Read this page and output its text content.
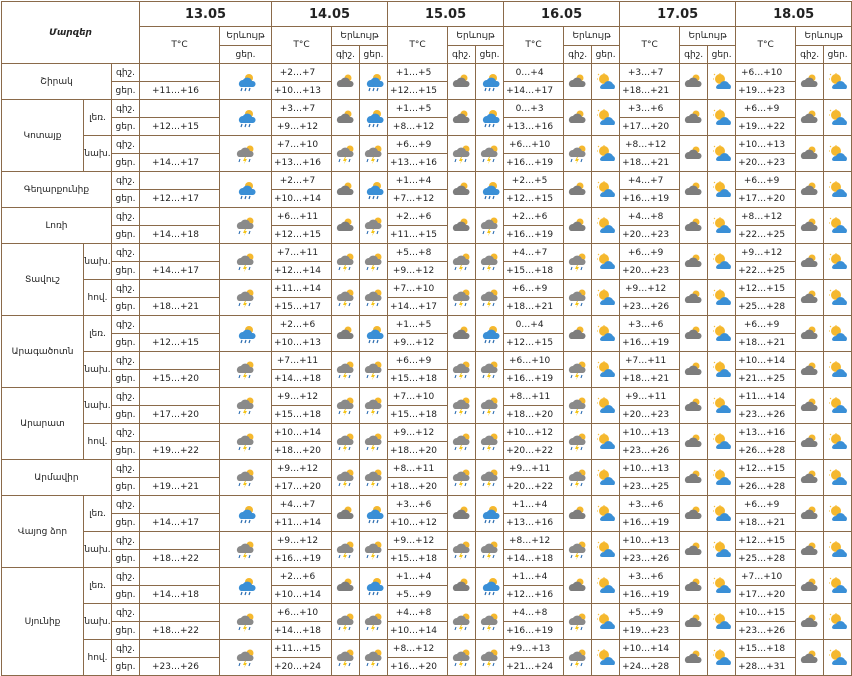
Մարզեր			13.05		14.05			15.05			16.05			17.05			18.05		
			T°C	Երևույթ	T°C	Երևույթ		T°C	Երևույթ		T°C	Երևույթ		T°C	Երևույթ		T°C	Երևույթ	
				ցեր.		գիշ.	ցեր.		գիշ.	ցեր.		գիշ.	ցեր.		գիշ.	ցեր.		գիշ.	ցեր.
Շիրակ		գիշ.			+2…+7			+1…+5			0…+4			+3…+7			+6…+10	

		ցեր.	+11…+16		+10…+13			+12…+15			+14…+17			+18…+21			+19…+23		
Կոտայք	լեռ.	գիշ.			+3…+7			+1…+5			0…+3			+3…+6			+6…+9	

		ցեր.	+12…+15		+9…+12			+8…+12			+13…+16			+17…+20			+19…+22		
	նախ.	գիշ.			+7…+10			+6…+9			+6…+10			+8…+12			+10…+13	

		ցեր.	+14…+17		+13…+16			+13…+16			+16…+19			+18…+21			+20…+23		
Գեղարքունիք		գիշ.			+2…+7			+1…+4			+2…+5			+4…+7			+6…+9	

		ցեր.	+12…+17		+10…+14			+7…+12			+12…+15			+16…+19			+17…+20		
Լոռի		գիշ.			+6…+11			+2…+6			+2…+6			+4…+8			+8…+12	

		ցեր.	+14…+18		+12…+15			+11…+15			+16…+19			+20…+23			+22…+25		
Տավուշ	նախ.	գիշ.			+7…+11			+5…+8			+4…+7			+6…+9			+9…+12	

		ցեր.	+14…+17		+12…+14			+9…+12			+15…+18			+20…+23			+22…+25		
	հով.	գիշ.			+11…+14			+7…+10			+6…+9			+9…+12			+12…+15	

		ցեր.	+18…+21		+15…+17			+14…+17			+18…+21			+23…+26			+25…+28		
Արագածոտն	լեռ.	գիշ.			+2…+6			+1…+5			0…+4			+3…+6			+6…+9	

		ցեր.	+12…+15		+10…+13			+9…+12			+12…+15			+16…+19			+18…+21		
	նախ.	գիշ.			+7…+11			+6…+9			+6…+10			+7…+11			+10…+14	

		ցեր.	+15…+20		+14…+18			+15…+18			+16…+19			+18…+21			+21…+25		
Արարատ	նախ.	գիշ.			+9…+12			+7…+10			+8…+11			+9…+11			+11…+14	

		ցեր.	+17…+20		+15…+18			+15…+18			+18…+20			+20…+23			+23…+26		
	հով.	գիշ.			+10…+14			+9…+12			+10…+12			+10…+13			+13…+16	

		ցեր.	+19…+22		+18…+20			+18…+20			+20…+22			+23…+26			+26…+28		
Արմավիր		գիշ.			+9…+12			+8…+11			+9…+11			+10…+13			+12…+15	

		ցեր.	+19…+21		+17…+20			+18…+20			+20…+22			+23…+25			+26…+28		
Վայոց ձոր	լեռ.	գիշ.			+4…+7			+3…+6			+1…+4			+3…+6			+6…+9	

		ցեր.	+14…+17		+11…+14			+10…+12			+13…+16			+16…+19			+18…+21		
	նախ.	գիշ.			+9…+12			+9…+12			+8…+12			+10…+13			+12…+15	

		ցեր.	+18…+22		+16…+19			+15…+18			+14…+18			+23…+26			+25…+28		
Սյունիք	լեռ.	գիշ.			+2…+6			+1…+4			+1…+4			+3…+6			+7…+10	

		ցեր.	+14…+18		+10…+14			+5…+9			+12…+16			+16…+19			+17…+20		
	նախ.	գիշ.			+6…+10			+4…+8			+4…+8			+5…+9			+10…+15	

		ցեր.	+18…+22		+14…+18			+10…+14			+16…+19			+19…+23			+23…+26		
	հով.	գիշ.			+11…+15			+8…+12			+9…+13			+10…+14			+15…+18	

		ցեր.	+23…+26		+20…+24			+16…+20			+21…+24			+24…+28			+28…+31		
